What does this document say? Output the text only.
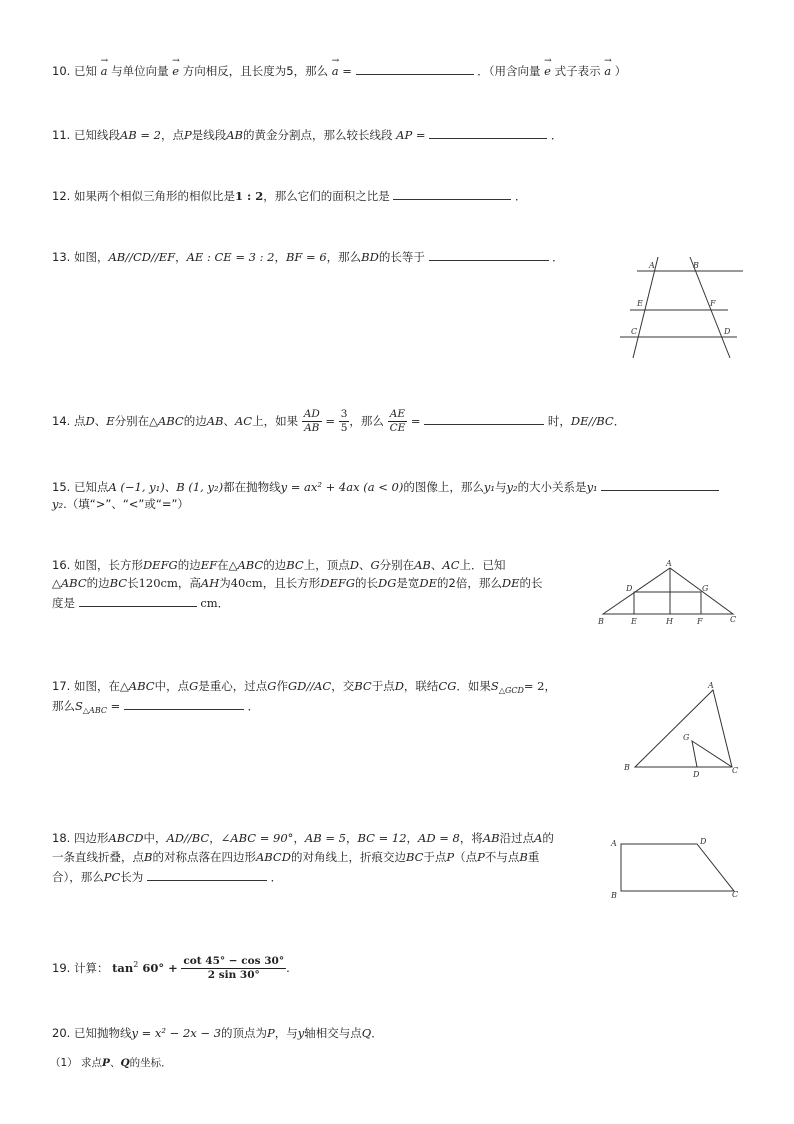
10. 已知 → a 与单位向量 → e 方向相反，且长度为5，那么 → a =	．（用含向量 → e 式子表示 → a ）
11. 已知线段AB = 2，点P是线段AB的黄金分割点，那么较长线段 AP =	．
12. 如果两个相似三角形的相似比是1 : 2，那么它们的面积之比是	．
13. 如图，AB//CD//EF，AE : CE = 3 : 2，BF = 6，那么BD的长等于	．
A	B
E	F
C	D
14. 点D、E分别在△ABC的边AB、AC上，如果 $\frac{AD}{AB} = \frac{3}{5}$ ，那么 $\frac{AE}{CE}$ =	时，DE//BC．
15. 已知点A (−1, y₁)、B (1, y₂)都在抛物线y = ax² + 4ax (a < 0)的图像上，那么y₁与y₂的大小关系是y₁
y₂.（填“>”、“<”或“=”）
16. 如图，长方形DEFG的边EF在△ABC的边BC上，顶点D、G分别在AB、AC上．已知
△ABC的边BC长120cm，高AH为40cm，且长方形DEFG的长DG是宽DE的2倍，那么DE的长
度是	cm．
A
D	G
B	E	H	F	C
17. 如图，在△ABC中，点G是重心，过点G作GD//AC，交BC于点D，联结CG．如果$S_{\triangle GCD}= 2$，
那么$S_{\triangle ABC}$ =	．
A
G
B
D	C
18. 四边形ABCD中，AD//BC，∠ABC = 90°，AB = 5，BC = 12，AD = 8，将AB沿过点A的
一条直线折叠，点B的对称点落在四边形ABCD的对角线上，折痕交边BC于点P（点P不与点B重
合），那么PC长为	．
A	D
B	C
19. 计算： $\tan^2 60^\circ + \frac{\cot 45^\circ - \cos 30^\circ}{2 \sin 30^\circ}$ .
20. 已知抛物线y = x² − 2x − 3的顶点为P，与y轴相交与点Q．
（1） 求点P、Q的坐标．
